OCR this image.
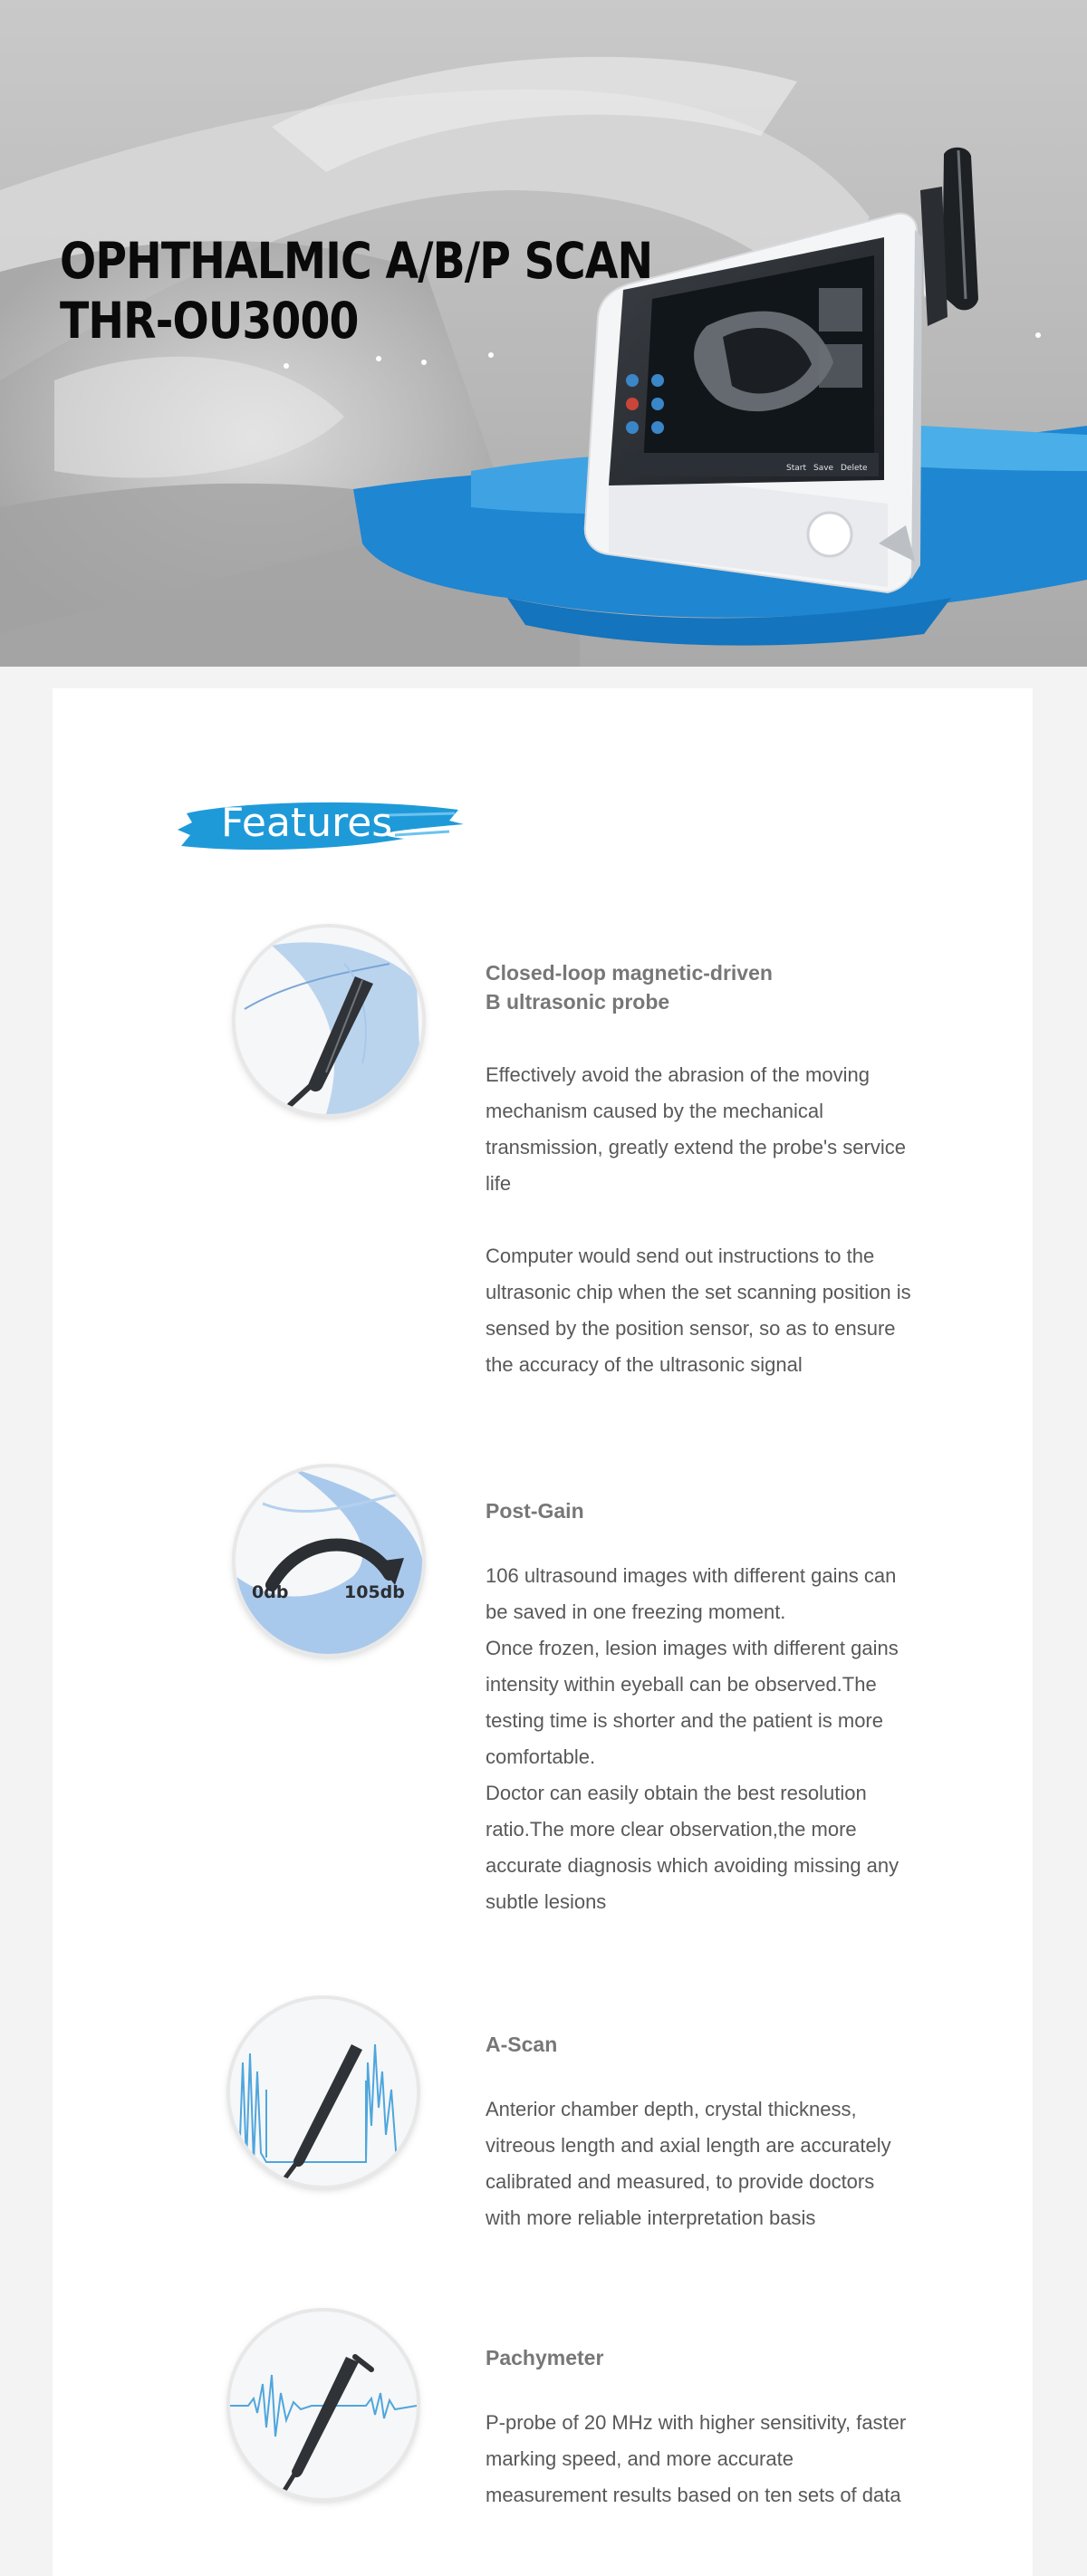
Start Save Delete
OPHTHALMIC A/B/P SCAN
THR-OU3000
Features
Closed-loop magnetic-driven
B ultrasonic probe
Effectively avoid the abrasion of the moving
mechanism caused by the mechanical
transmission, greatly extend the probe's service
life
Computer would send out instructions to the
ultrasonic chip when the set scanning position is
sensed by the position sensor, so as to ensure
the accuracy of the ultrasonic signal
0db	105db
Post-Gain
106 ultrasound images with different gains can
be saved in one freezing moment.
Once frozen, lesion images with different gains
intensity within eyeball can be observed.The
testing time is shorter and the patient is more
comfortable.
Doctor can easily obtain the best resolution
ratio.The more clear observation,the more
accurate diagnosis which avoiding missing any
subtle lesions
A-Scan
Anterior chamber depth, crystal thickness,
vitreous length and axial length are accurately
calibrated and measured, to provide doctors
with more reliable interpretation basis
Pachymeter
P-probe of 20 MHz with higher sensitivity, faster
marking speed, and more accurate
measurement results based on ten sets of data
